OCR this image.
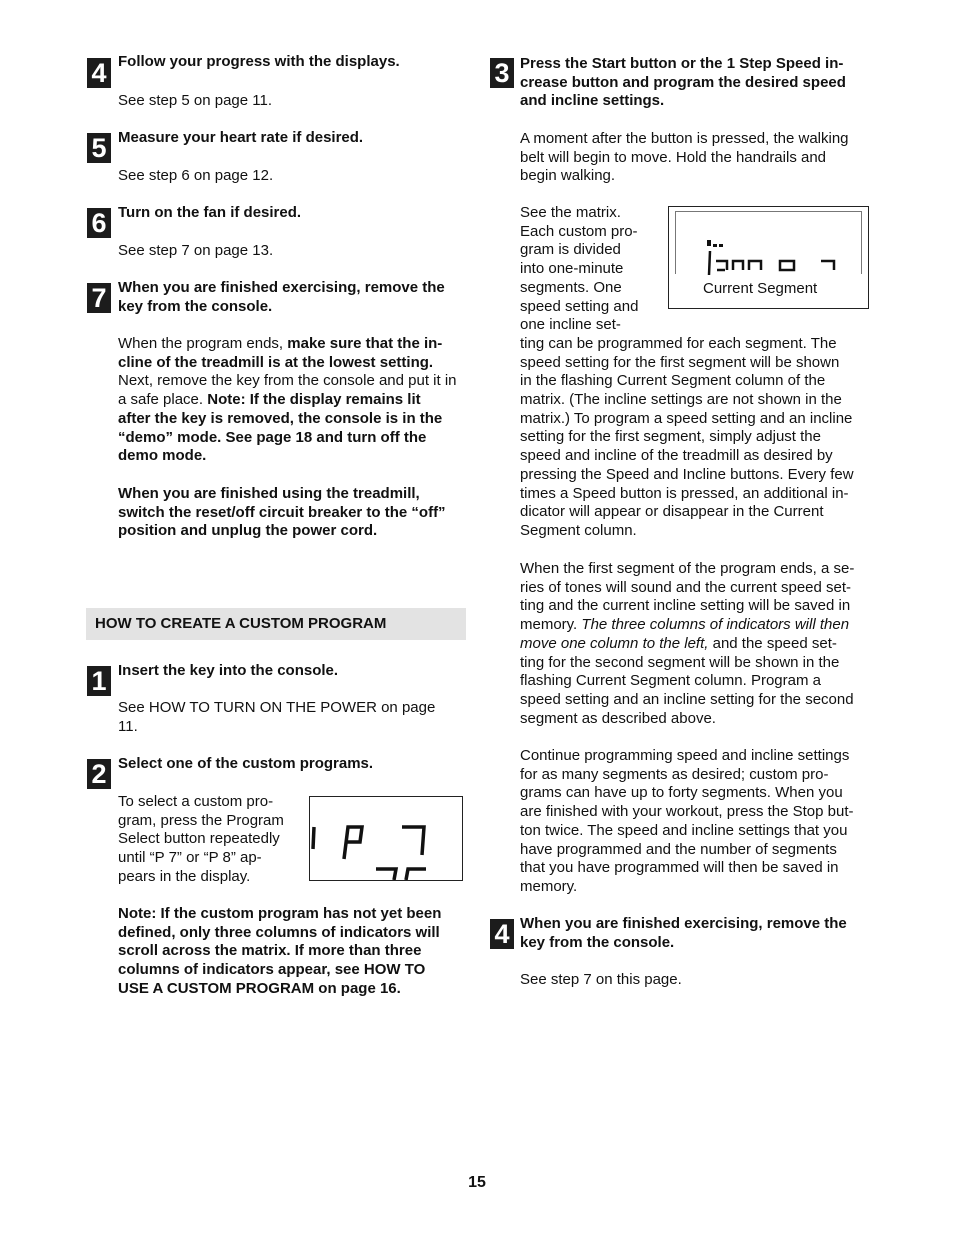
4 Follow your progress with the displays.
See step 5 on page 11.
5 Measure your heart rate if desired.
See step 6 on page 12.
6 Turn on the fan if desired.
See step 7 on page 13.
7 When you are finished exercising, remove the
key from the console.
When the program ends, make sure that the in-
cline of the treadmill is at the lowest setting.
Next, remove the key from the console and put it in
a safe place. Note: If the display remains lit
after the key is removed, the console is in the
“demo” mode. See page 18 and turn off the
demo mode.
When you are finished using the treadmill,
switch the reset/off circuit breaker to the “off”
position and unplug the power cord.
HOW TO CREATE A CUSTOM PROGRAM
1 Insert the key into the console.
See HOW TO TURN ON THE POWER on page
11.
2 Select one of the custom programs.
To select a custom pro-
gram, press the Program
Select button repeatedly
until “P 7” or “P 8” ap-
pears in the display.
Note: If the custom program has not yet been
defined, only three columns of indicators will
scroll across the matrix. If more than three
columns of indicators appear, see HOW TO
USE A CUSTOM PROGRAM on page 16.
3 Press the Start button or the 1 Step Speed in-
crease button and program the desired speed
and incline settings.
A moment after the button is pressed, the walking
belt will begin to move. Hold the handrails and
begin walking.
See the matrix.
Each custom pro-
gram is divided
into one-minute
segments. One
speed setting and
one incline set-
ting can be programmed for each segment. The
speed setting for the first segment will be shown
in the flashing Current Segment column of the
matrix. (The incline settings are not shown in the
matrix.) To program a speed setting and an incline
setting for the first segment, simply adjust the
speed and incline of the treadmill as desired by
pressing the Speed and Incline buttons. Every few
times a Speed button is pressed, an additional in-
dicator will appear or disappear in the Current
Segment column.
Current Segment
When the first segment of the program ends, a se-
ries of tones will sound and the current speed set-
ting and the current incline setting will be saved in
memory. The three columns of indicators will then
move one column to the left, and the speed set-
ting for the second segment will be shown in the
flashing Current Segment column. Program a
speed setting and an incline setting for the second
segment as described above.
Continue programming speed and incline settings
for as many segments as desired; custom pro-
grams can have up to forty segments. When you
are finished with your workout, press the Stop but-
ton twice. The speed and incline settings that you
have programmed and the number of segments
that you have programmed will then be saved in
memory.
4 When you are finished exercising, remove the
key from the console.
See step 7 on this page.
15
